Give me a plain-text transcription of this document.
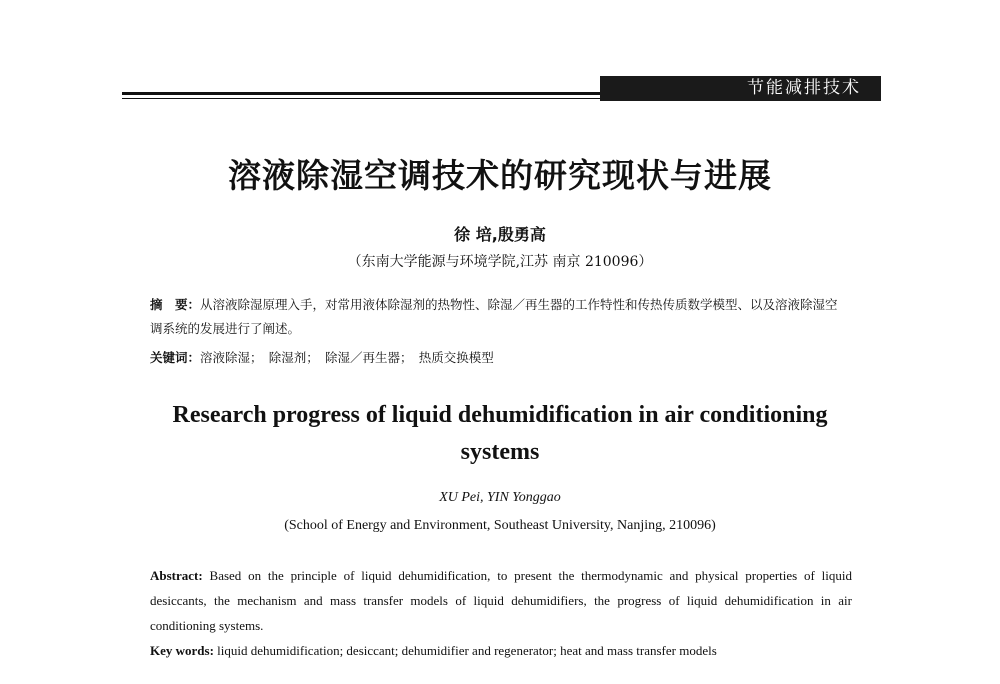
节能减排技术
溶液除湿空调技术的研究现状与进展
徐 培,殷勇高
（东南大学能源与环境学院,江苏 南京 210096）
摘　要：从溶液除湿原理入手，对常用液体除湿剂的热物性、除湿／再生器的工作特性和传热传质数学模型、以及溶液除湿空调系统的发展进行了阐述。
关键词：溶液除湿；　除湿剂；　除湿／再生器；　热质交换模型
Research progress of liquid dehumidification in air conditioning systems
XU Pei, YIN Yonggao
(School of Energy and Environment, Southeast University, Nanjing, 210096)
Abstract: Based on the principle of liquid dehumidification, to present the thermodynamic and physical properties of liquid desiccants, the mechanism and mass transfer models of liquid dehumidifiers, the progress of liquid dehumidification in air conditioning systems.
Key words: liquid dehumidification; desiccant; dehumidifier and regenerator; heat and mass transfer models
